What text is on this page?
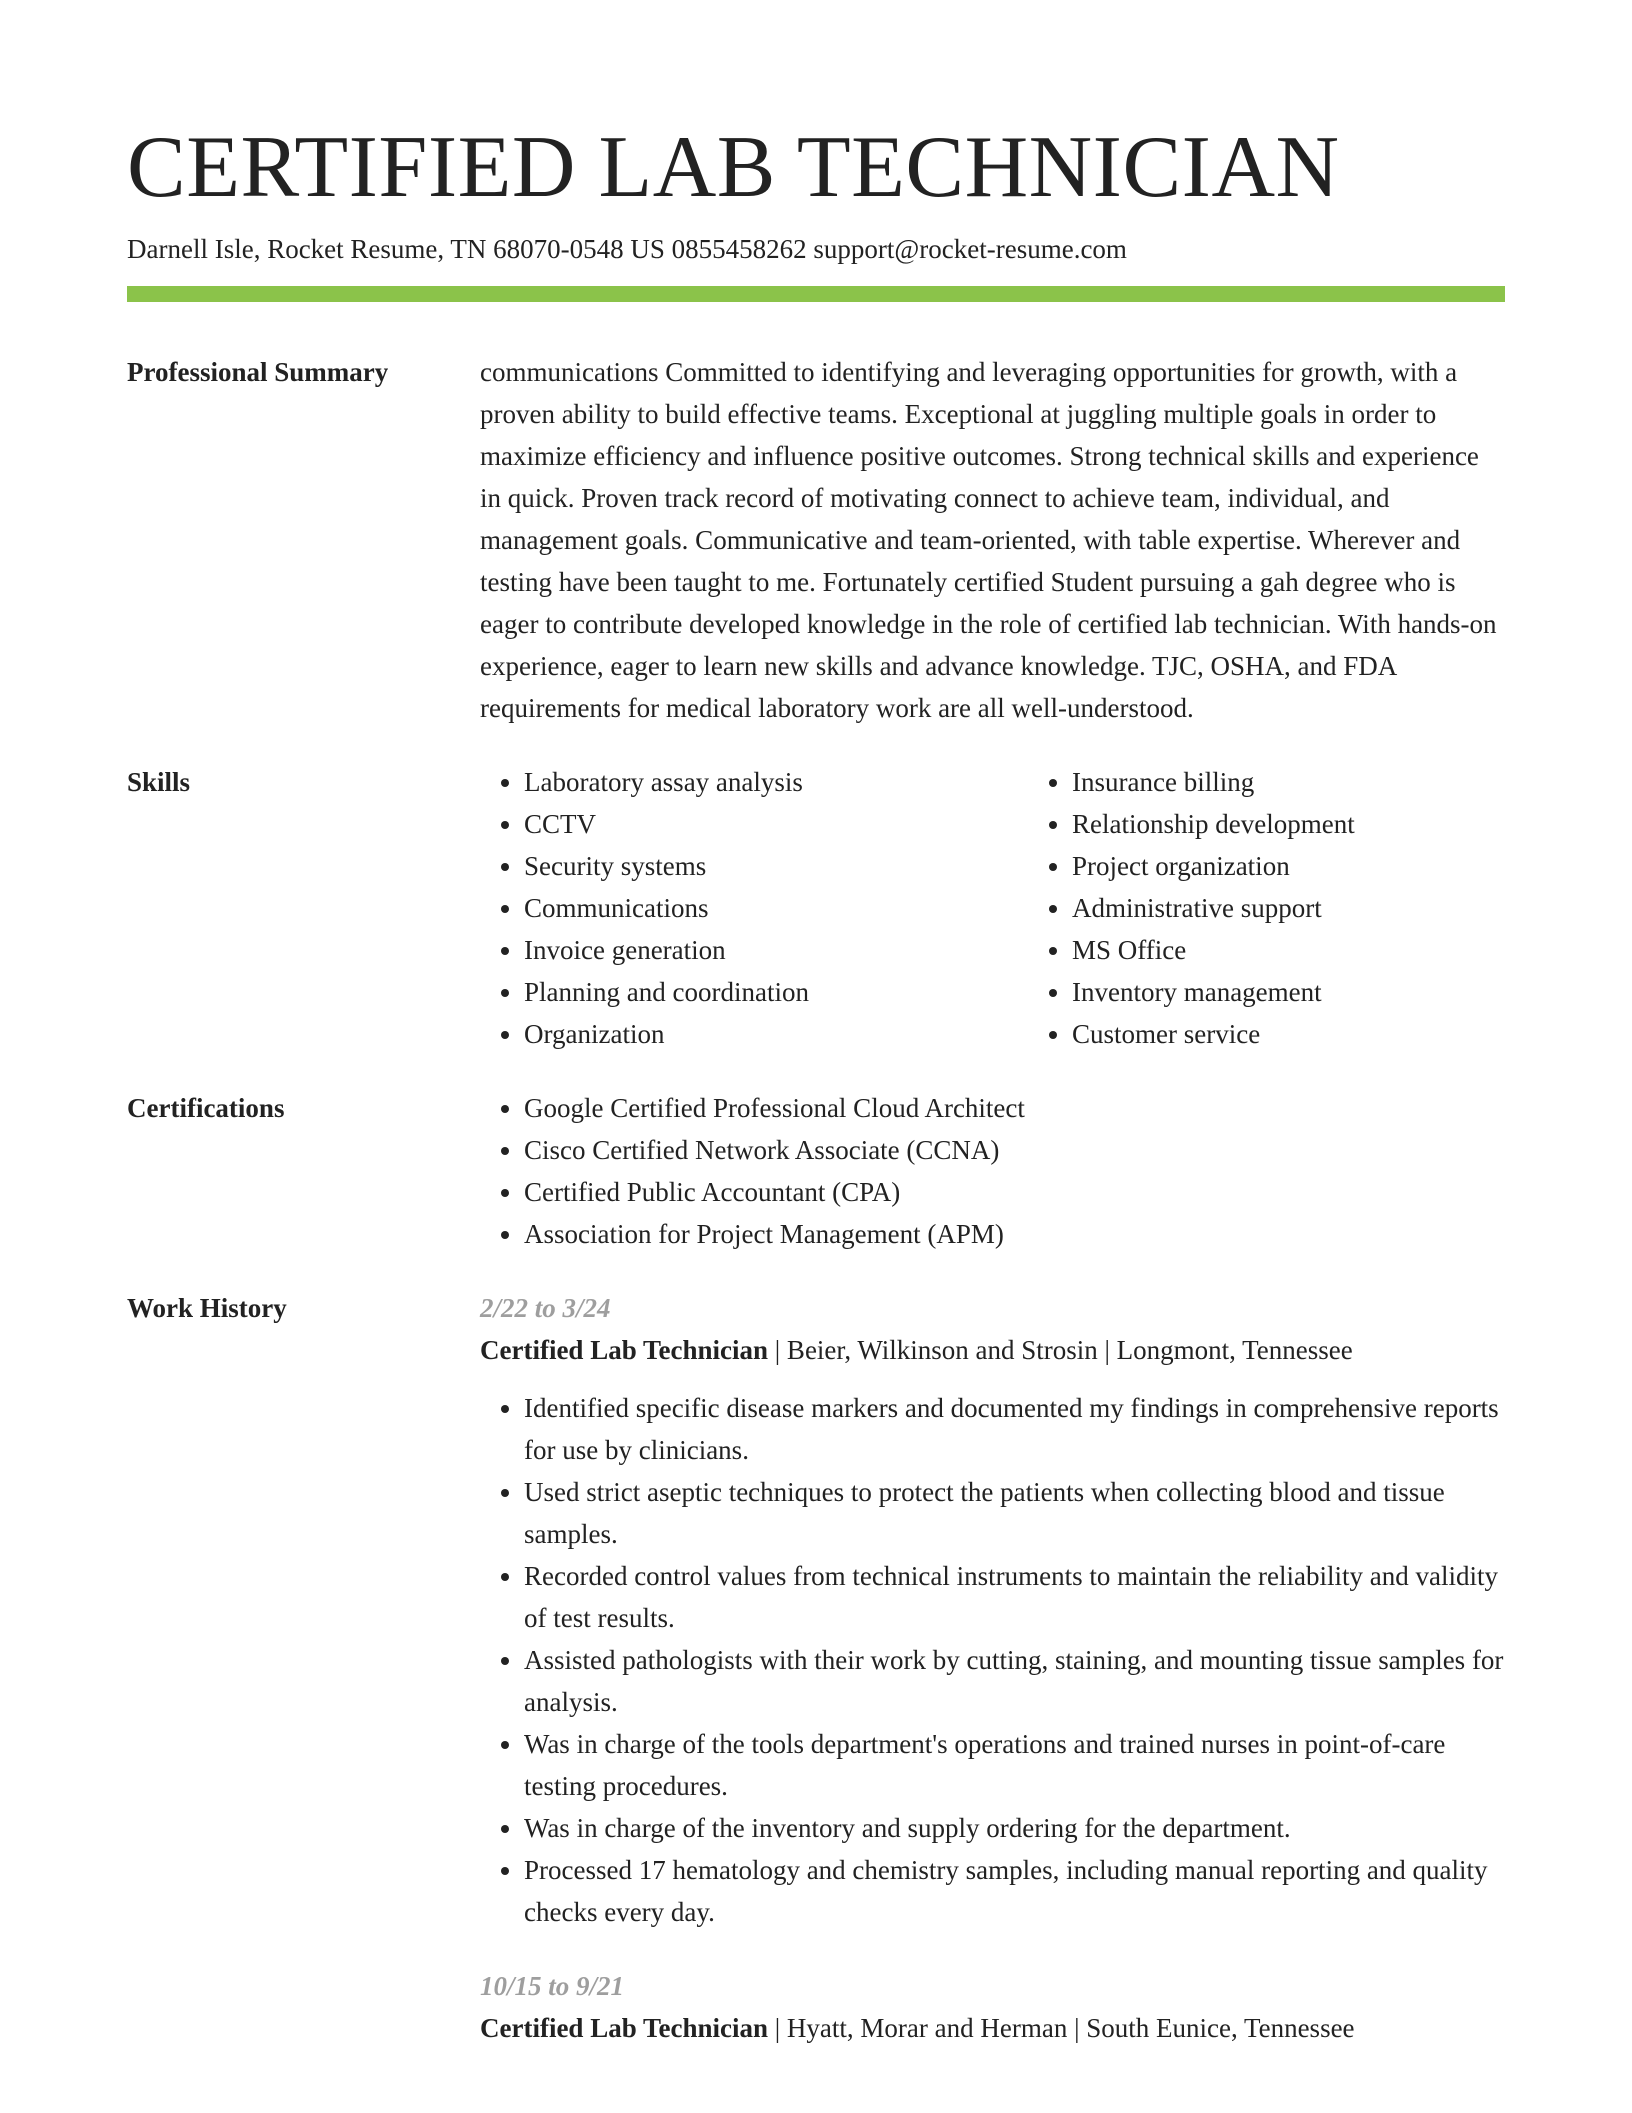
CERTIFIED LAB TECHNICIAN
Darnell Isle, Rocket Resume, TN 68070-0548 US 0855458262 support@rocket-resume.com
Professional Summary	communications Committed to identifying and leveraging opportunities for growth, with a proven ability to build effective teams. Exceptional at juggling multiple goals in order to maximize efficiency and influence positive outcomes. Strong technical skills and experience in quick. Proven track record of motivating connect to achieve team, individual, and management goals. Communicative and team-oriented, with table expertise. Wherever and testing have been taught to me. Fortunately certified Student pursuing a gah degree who is eager to contribute developed knowledge in the role of certified lab technician. With hands-on experience, eager to learn new skills and advance knowledge. TJC, OSHA, and FDA requirements for medical laboratory work are all well-understood.

Skills	• Laboratory assay analysis
• CCTV
• Security systems
• Communications
• Invoice generation
• Planning and coordination
• Organization
• Insurance billing
• Relationship development
• Project organization
• Administrative support
• MS Office
• Inventory management
• Customer service
Certifications	• Google Certified Professional Cloud Architect
• Cisco Certified Network Associate (CCNA)
• Certified Public Accountant (CPA)
• Association for Project Management (APM)
Work History	2/22 to 3/24
Certified Lab Technician | Beier, Wilkinson and Strosin | Longmont, Tennessee
• Identified specific disease markers and documented my findings in comprehensive reports for use by clinicians.
• Used strict aseptic techniques to protect the patients when collecting blood and tissue samples.
• Recorded control values from technical instruments to maintain the reliability and validity of test results.
• Assisted pathologists with their work by cutting, staining, and mounting tissue samples for analysis.
• Was in charge of the tools department's operations and trained nurses in point-of-care testing procedures.
• Was in charge of the inventory and supply ordering for the department.
• Processed 17 hematology and chemistry samples, including manual reporting and quality checks every day.
10/15 to 9/21
Certified Lab Technician | Hyatt, Morar and Herman | South Eunice, Tennessee
